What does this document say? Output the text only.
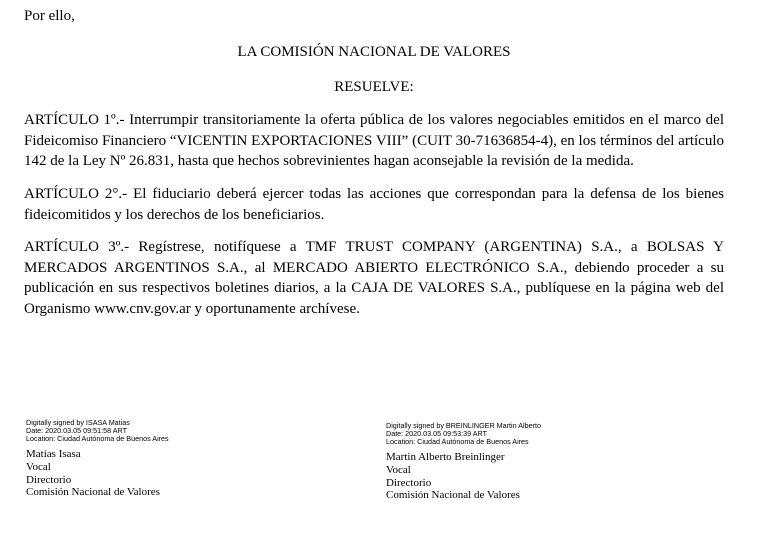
Por ello,
LA COMISIÓN NACIONAL DE VALORES
RESUELVE:
ARTÍCULO 1º.- Interrumpir transitoriamente la oferta pública de los valores negociables emitidos en el marco del Fideicomiso Financiero “VICENTIN EXPORTACIONES VIII” (CUIT 30-71636854-4), en los términos del artículo 142 de la Ley Nº 26.831, hasta que hechos sobrevinientes hagan aconsejable la revisión de la medida.
ARTÍCULO 2°.- El fiduciario deberá ejercer todas las acciones que correspondan para la defensa de los bienes fideicomitidos y los derechos de los beneficiarios.
ARTÍCULO 3º.- Regístrese, notifíquese a TMF TRUST COMPANY (ARGENTINA) S.A., a BOLSAS Y MERCADOS ARGENTINOS S.A., al MERCADO ABIERTO ELECTRÓNICO S.A., debiendo proceder a su publicación en sus respectivos boletines diarios, a la CAJA DE VALORES S.A., publíquese en la página web del Organismo www.cnv.gov.ar y oportunamente archívese.
Digitally signed by ISASA Matias
Date: 2020.03.05 09:51:58 ART
Location: Ciudad Autónoma de Buenos Aires
Matías Isasa
Vocal
Directorio
Comisión Nacional de Valores
Digitally signed by BREINLINGER Martin Alberto
Date: 2020.03.05 09:53:39 ART
Location: Ciudad Autónoma de Buenos Aires
Martin Alberto Breinlinger
Vocal
Directorio
Comisión Nacional de Valores
